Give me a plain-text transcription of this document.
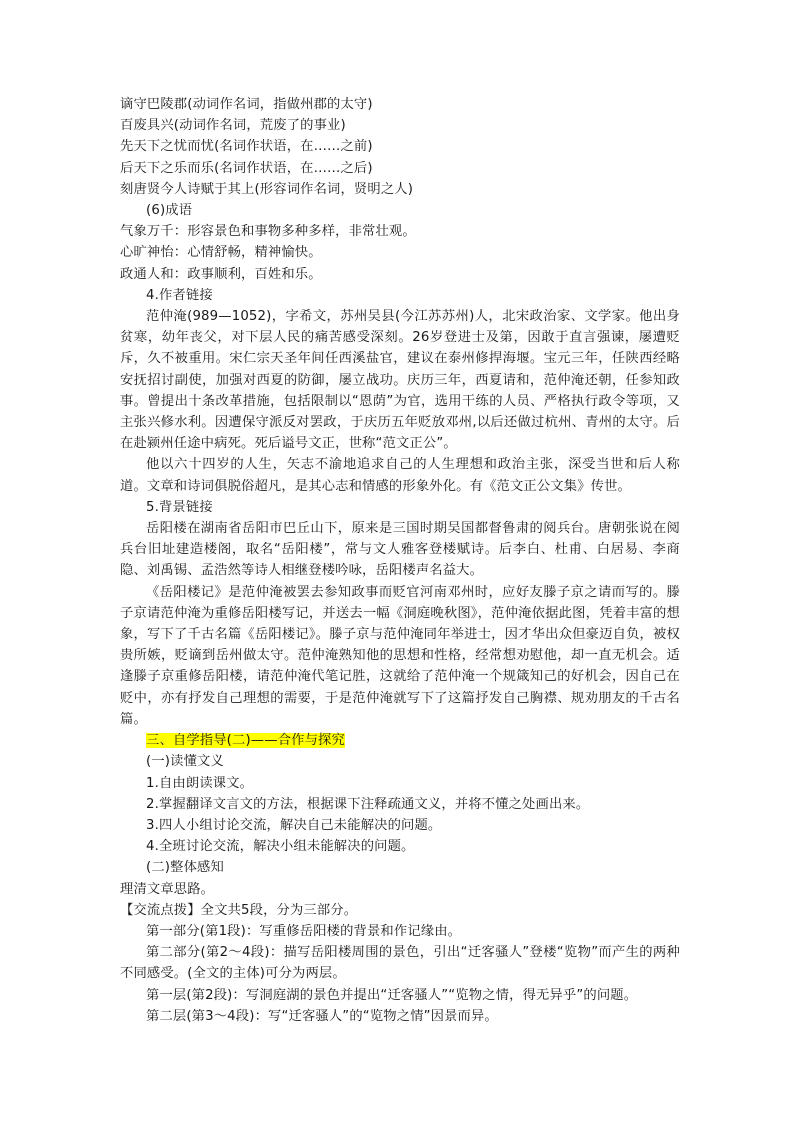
谪守巴陵郡(动词作名词，指做州郡的太守)

百废具兴(动词作名词，荒废了的事业)

先天下之忧而忧(名词作状语，在……之前)

后天下之乐而乐(名词作状语，在……之后)

刻唐贤今人诗赋于其上(形容词作名词，贤明之人)

(6)成语

气象万千：形容景色和事物多种多样，非常壮观。

心旷神怡：心情舒畅，精神愉快。

政通人和：政事顺利，百姓和乐。

4.作者链接

范仲淹(989—1052)，字希文，苏州吴县(今江苏苏州)人，北宋政治家、文学家。他出身贫寒，幼年丧父，对下层人民的痛苦感受深刻。26岁登进士及第，因敢于直言强谏，屡遭贬斥，久不被重用。宋仁宗天圣年间任西溪盐官，建议在泰州修捍海堰。宝元三年，任陕西经略安抚招讨副使，加强对西夏的防御，屡立战功。庆历三年，西夏请和，范仲淹还朝，任参知政事。曾提出十条改革措施，包括限制以“恩荫”为官，选用干练的人员、严格执行政令等项，又主张兴修水利。因遭保守派反对罢政，于庆历五年贬放邓州,以后还做过杭州、青州的太守。后在赴颍州任途中病死。死后谥号文正，世称“范文正公”。

他以六十四岁的人生，矢志不渝地追求自己的人生理想和政治主张，深受当世和后人称道。文章和诗词俱脱俗超凡，是其心志和情感的形象外化。有《范文正公文集》传世。

5.背景链接

岳阳楼在湖南省岳阳市巴丘山下，原来是三国时期吴国都督鲁肃的阅兵台。唐朝张说在阅兵台旧址建造楼阁，取名“岳阳楼”，常与文人雅客登楼赋诗。后李白、杜甫、白居易、李商隐、刘禹锡、孟浩然等诗人相继登楼吟咏，岳阳楼声名益大。

《岳阳楼记》是范仲淹被罢去参知政事而贬官河南邓州时，应好友滕子京之请而写的。滕子京请范仲淹为重修岳阳楼写记，并送去一幅《洞庭晚秋图》，范仲淹依据此图，凭着丰富的想象，写下了千古名篇《岳阳楼记》。滕子京与范仲淹同年举进士，因才华出众但豪迈自负，被权贵所嫉，贬谪到岳州做太守。范仲淹熟知他的思想和性格，经常想劝慰他，却一直无机会。适逢滕子京重修岳阳楼，请范仲淹代笔记胜，这就给了范仲淹一个规箴知己的好机会，因自己在贬中，亦有抒发自己理想的需要，于是范仲淹就写下了这篇抒发自己胸襟、规劝朋友的千古名篇。

三、自学指导(二)——合作与探究

(一)读懂文义

1.自由朗读课文。

2.掌握翻译文言文的方法，根据课下注释疏通文义，并将不懂之处画出来。

3.四人小组讨论交流，解决自己未能解决的问题。

4.全班讨论交流，解决小组未能解决的问题。

(二)整体感知

理清文章思路。

【交流点拨】全文共5段，分为三部分。

第一部分(第1段)：写重修岳阳楼的背景和作记缘由。

第二部分(第2～4段)：描写岳阳楼周围的景色，引出“迁客骚人”登楼“览物”而产生的两种不同感受。(全文的主体)可分为两层。

第一层(第2段)：写洞庭湖的景色并提出“迁客骚人”“览物之情，得无异乎”的问题。

第二层(第3～4段)：写“迁客骚人”的“览物之情”因景而异。
